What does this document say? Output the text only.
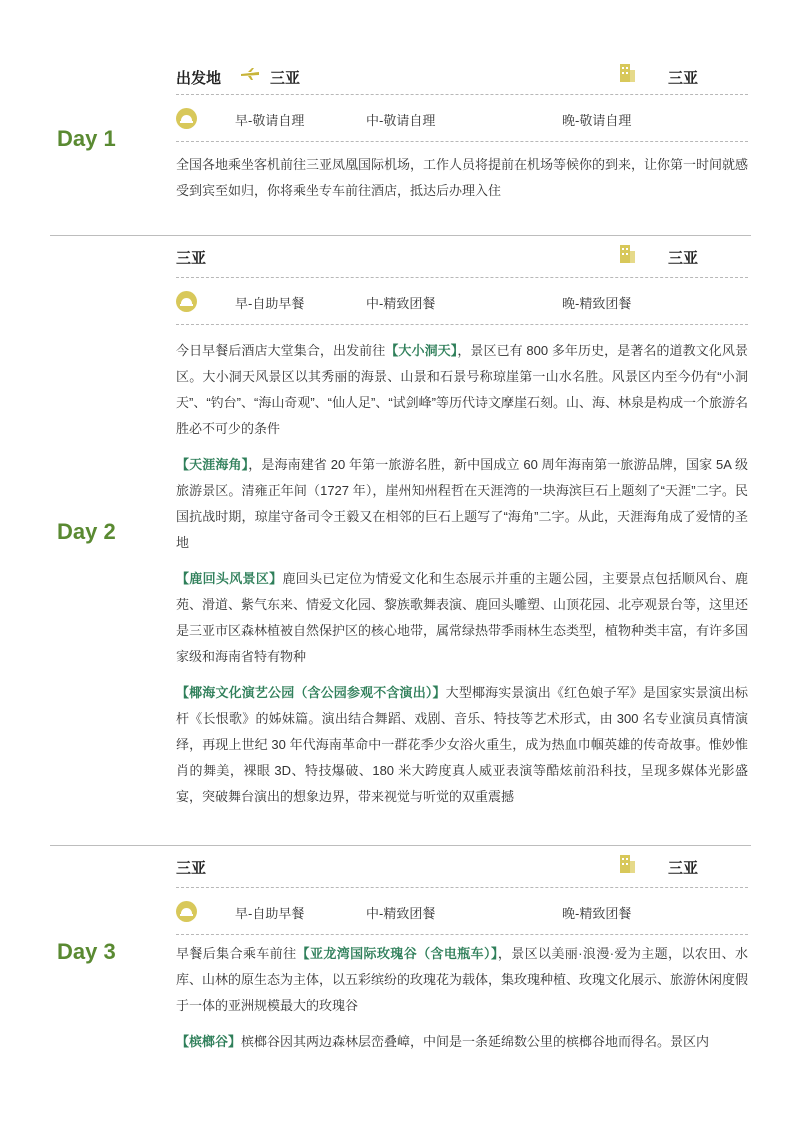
Day 1
出发地	三亚	三亚
早-敬请自理	中-敬请自理	晚-敬请自理

全国各地乘坐客机前往三亚凤凰国际机场，工作人员将提前在机场等候你的到来，让你第一时间就感受到宾至如归，你将乘坐专车前往酒店，抵达后办理入住

Day 2
三亚	三亚
早-自助早餐	中-精致团餐	晚-精致团餐

今日早餐后酒店大堂集合，出发前往【大小洞天】，景区已有 800 多年历史，是著名的道教文化风景区。大小洞天风景区以其秀丽的海景、山景和石景号称琼崖第一山水名胜。风景区内至今仍有“小洞天”、“钓台”、“海山奇观”、“仙人足”、“试剑峰”等历代诗文摩崖石刻。山、海、林泉是构成一个旅游名胜必不可少的条件

【天涯海角】，是海南建省 20 年第一旅游名胜，新中国成立 60 周年海南第一旅游品牌，国家 5A 级旅游景区。清雍正年间（1727 年），崖州知州程哲在天涯湾的一块海滨巨石上题刻了“天涯”二字。民国抗战时期，琼崖守备司令王毅又在相邻的巨石上题写了“海角”二字。从此，天涯海角成了爱情的圣地

【鹿回头风景区】鹿回头已定位为情爱文化和生态展示并重的主题公园，主要景点包括顺风台、鹿苑、滑道、紫气东来、情爱文化园、黎族歌舞表演、鹿回头雕塑、山顶花园、北亭观景台等，这里还是三亚市区森林植被自然保护区的核心地带，属常绿热带季雨林生态类型，植物种类丰富，有许多国家级和海南省特有物种

【椰海文化演艺公园（含公园参观不含演出）】大型椰海实景演出《红色娘子军》是国家实景演出标杆《长恨歌》的姊妹篇。演出结合舞蹈、戏剧、音乐、特技等艺术形式，由 300 名专业演员真情演绎，再现上世纪 30 年代海南革命中一群花季少女浴火重生，成为热血巾帼英雄的传奇故事。惟妙惟肖的舞美，裸眼 3D、特技爆破、180 米大跨度真人威亚表演等酷炫前沿科技，呈现多媒体光影盛宴，突破舞台演出的想象边界，带来视觉与听觉的双重震撼

Day 3
三亚	三亚
早-自助早餐	中-精致团餐	晚-精致团餐

早餐后集合乘车前往【亚龙湾国际玫瑰谷（含电瓶车）】，景区以美丽·浪漫·爱为主题，以农田、水库、山林的原生态为主体，以五彩缤纷的玫瑰花为载体，集玫瑰种植、玫瑰文化展示、旅游休闲度假于一体的亚洲规模最大的玫瑰谷

【槟榔谷】槟榔谷因其两边森林层峦叠嶂，中间是一条延绵数公里的槟榔谷地而得名。景区内
